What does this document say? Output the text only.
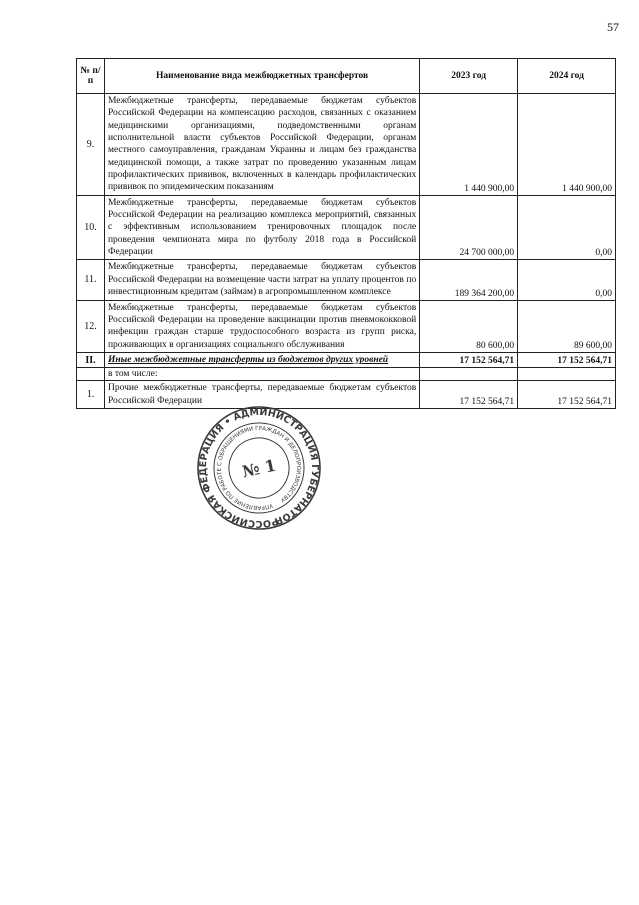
57
№ п/п	Наименование вида межбюджетных трансфертов	2023 год	2024 год
9.	Межбюджетные трансферты, передаваемые бюджетам субъектов Российской Федерации на компенсацию расходов, связанных с оказанием медицинскими организациями, подведомственными органам исполнительной власти субъектов Российской Федерации, органам местного самоуправления, гражданам Украины и лицам без гражданства медицинской помощи, а также затрат по проведению указанным лицам профилактических прививок, включенных в календарь профилактических прививок по эпидемическим показаниям	1 440 900,00	1 440 900,00
10.	Межбюджетные трансферты, передаваемые бюджетам субъектов Российской Федерации на реализацию комплекса мероприятий, связанных с эффективным использованием тренировочных площадок после проведения чемпионата мира по футболу 2018 года в Российской Федерации	24 700 000,00	0,00
11.	Межбюджетные трансферты, передаваемые бюджетам субъектов Российской Федерации на возмещение части затрат на уплату процентов по инвестиционным кредитам (займам) в агропромышленном комплексе	189 364 200,00	0,00
12.	Межбюджетные трансферты, передаваемые бюджетам субъектов Российской Федерации на проведение вакцинации против пневмококковой инфекции граждан старше трудоспособного возраста из групп риска, проживающих в организациях социального обслуживания	80 600,00	89 600,00
II.	Иные межбюджетные трансферты из бюджетов других уровней	17 152 564,71	17 152 564,71
	в том числе:		
1.	Прочие межбюджетные трансферты, передаваемые бюджетам субъектов Российской Федерации	17 152 564,71	17 152 564,71
РОССИЙСКАЯ ФЕДЕРАЦИЯ • АДМИНИСТРАЦИЯ ГУБЕРНАТОРА
УПРАВЛЕНИЕ ПО РАБОТЕ С ОБРАЩЕНИЯМИ ГРАЖДАН И ДЕЛОПРОИЗВОДСТВУ
№ 1
